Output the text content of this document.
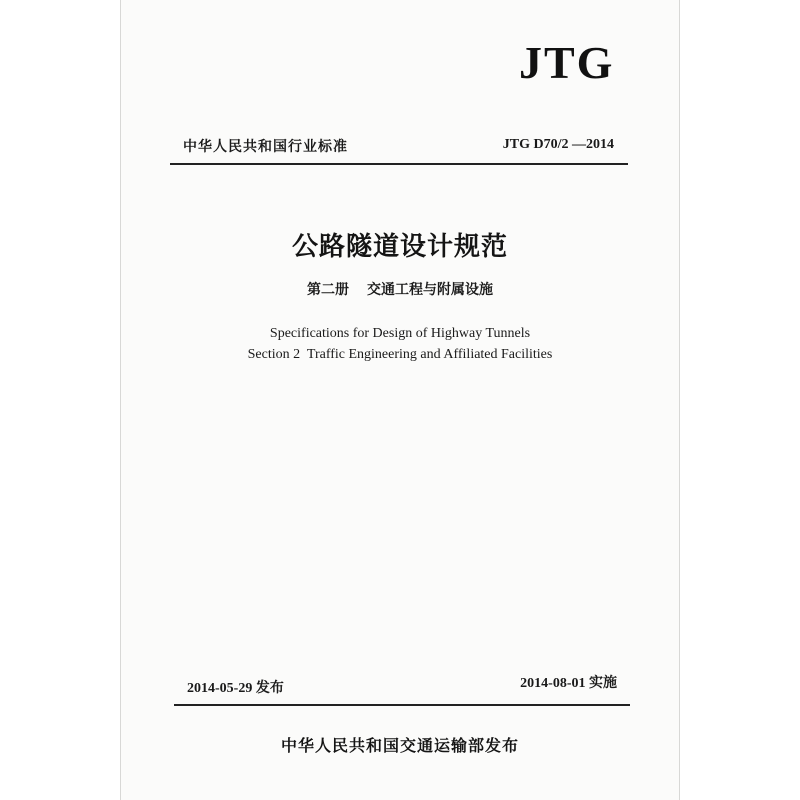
JTG
中华人民共和国行业标准	JTG D70/2 —2014
公路隧道设计规范
第二册 交通工程与附属设施
Specifications for Design of Highway Tunnels
Section 2  Traffic Engineering and Affiliated Facilities
2014-05-29 发布	2014-08-01 实施
中华人民共和国交通运输部发布
